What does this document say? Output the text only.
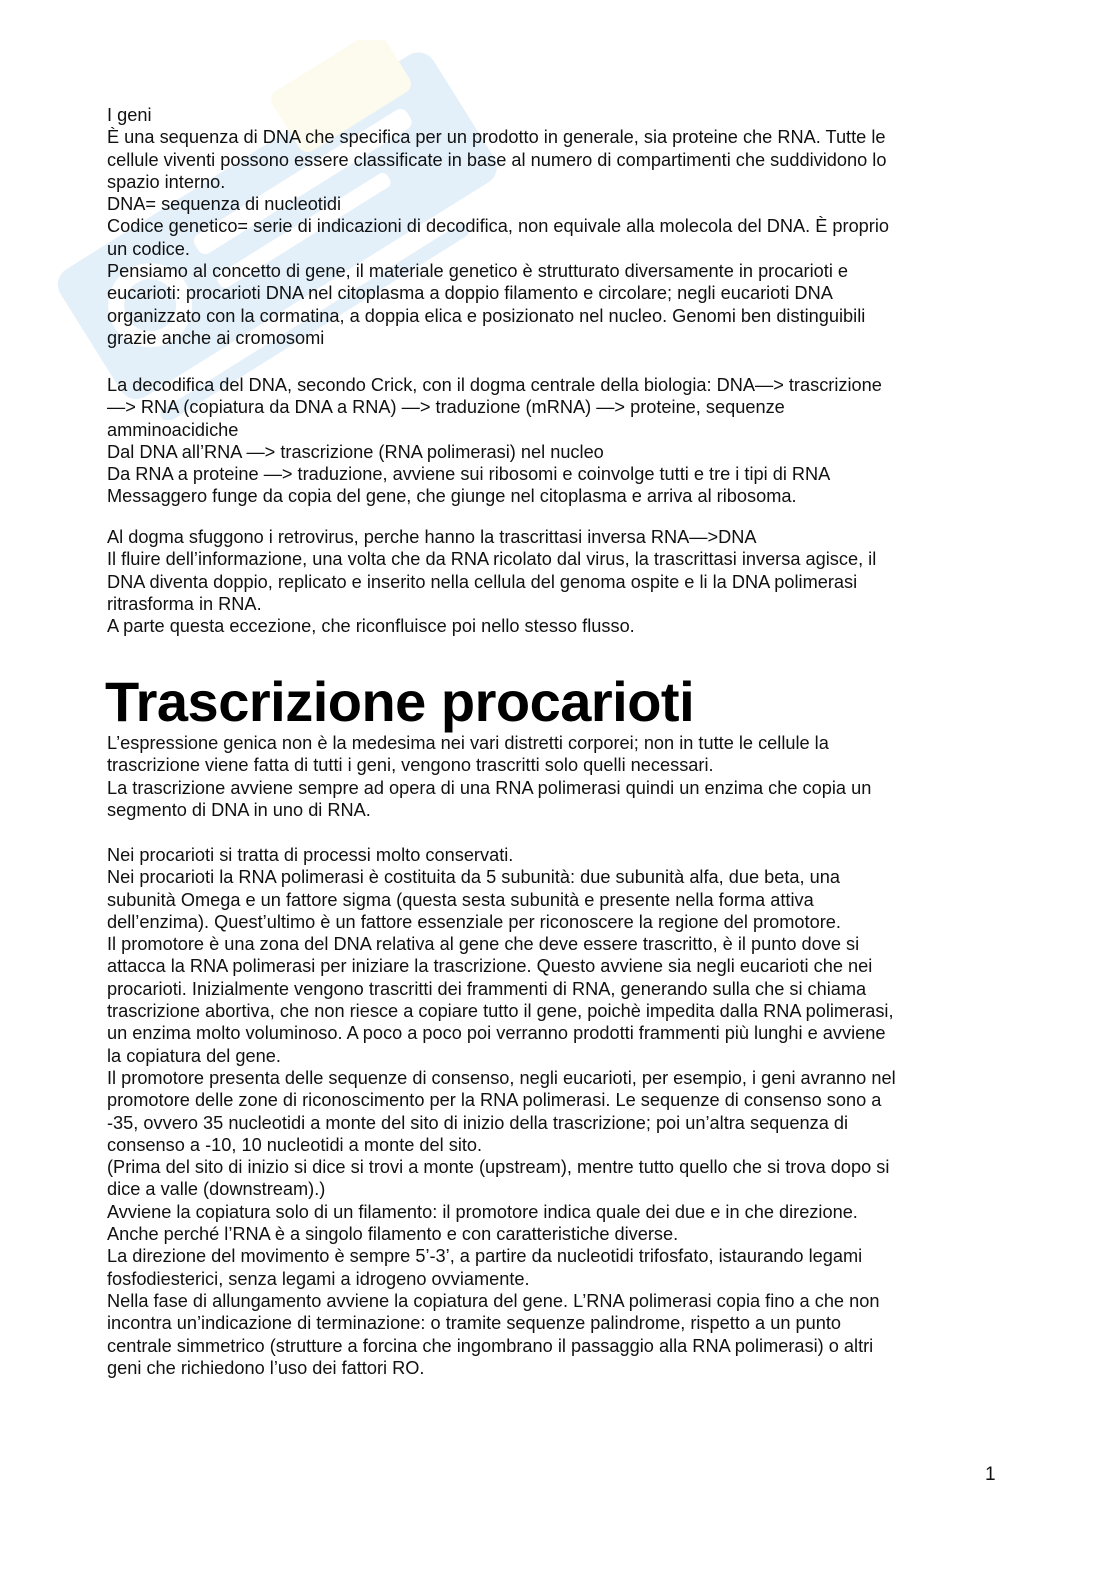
I geni

È una sequenza di DNA che specifica per un prodotto in generale, sia proteine che RNA. Tutte le

cellule viventi possono essere classificate in base al numero di compartimenti che suddividono lo

spazio interno.

DNA= sequenza di nucleotidi

Codice genetico= serie di indicazioni di decodifica, non equivale alla molecola del DNA. È proprio

un codice.

Pensiamo al concetto di gene, il materiale genetico è strutturato diversamente in procarioti e

eucarioti: procarioti DNA nel citoplasma a doppio filamento e circolare; negli eucarioti DNA

organizzato con la cormatina, a doppia elica e posizionato nel nucleo. Genomi ben distinguibili

grazie anche ai cromosomi

La decodifica del DNA, secondo Crick, con il dogma centrale della biologia: DNA—> trascrizione

—> RNA (copiatura da DNA a RNA) —> traduzione (mRNA) —> proteine, sequenze

amminoacidiche

Dal DNA all’RNA —> trascrizione (RNA polimerasi) nel nucleo

Da RNA a proteine —> traduzione, avviene sui ribosomi e coinvolge tutti e tre i tipi di RNA

Messaggero funge da copia del gene, che giunge nel citoplasma e arriva al ribosoma.

Al dogma sfuggono i retrovirus, perche hanno la trascrittasi inversa RNA—>DNA

Il fluire dell’informazione, una volta che da RNA ricolato dal virus, la trascrittasi inversa agisce, il

DNA diventa doppio, replicato e inserito nella cellula del genoma ospite e li la DNA polimerasi

ritrasforma in RNA.

A parte questa eccezione, che riconfluisce poi nello stesso flusso.

Trascrizione procarioti

L’espressione genica non è la medesima nei vari distretti corporei; non in tutte le cellule la

trascrizione viene fatta di tutti i geni, vengono trascritti solo quelli necessari.

La trascrizione avviene sempre ad opera di una RNA polimerasi quindi un enzima che copia un

segmento di DNA in uno di RNA.

Nei procarioti si tratta di processi molto conservati.

Nei procarioti la RNA polimerasi è costituita da 5 subunità: due subunità alfa, due beta, una

subunità Omega e un fattore sigma (questa sesta subunità e presente nella forma attiva

dell’enzima). Quest’ultimo è un fattore essenziale per riconoscere la regione del promotore.

Il promotore è una zona del DNA relativa al gene che deve essere trascritto, è il punto dove si

attacca la RNA polimerasi per iniziare la trascrizione. Questo avviene sia negli eucarioti che nei

procarioti. Inizialmente vengono trascritti dei frammenti di RNA, generando sulla che si chiama

trascrizione abortiva, che non riesce a copiare tutto il gene, poichè impedita dalla RNA polimerasi,

un enzima molto voluminoso. A poco a poco poi verranno prodotti frammenti più lunghi e avviene

la copiatura del gene.

Il promotore presenta delle sequenze di consenso, negli eucarioti, per esempio, i geni avranno nel

promotore delle zone di riconoscimento per la RNA polimerasi. Le sequenze di consenso sono a

-35, ovvero 35 nucleotidi a monte del sito di inizio della trascrizione; poi un’altra sequenza di

consenso a -10, 10 nucleotidi a monte del sito.

(Prima del sito di inizio si dice si trovi a monte (upstream), mentre tutto quello che si trova dopo si

dice a valle (downstream).)

Avviene la copiatura solo di un filamento: il promotore indica quale dei due e in che direzione.

Anche perché l’RNA è a singolo filamento e con caratteristiche diverse.

La direzione del movimento è sempre 5’-3’, a partire da nucleotidi trifosfato, istaurando legami

fosfodiesterici, senza legami a idrogeno ovviamente.

Nella fase di allungamento avviene la copiatura del gene. L’RNA polimerasi copia fino a che non

incontra un’indicazione di terminazione: o tramite sequenze palindrome, rispetto a un punto

centrale simmetrico (strutture a forcina che ingombrano il passaggio alla RNA polimerasi) o altri

geni che richiedono l’uso dei fattori RO.

1
